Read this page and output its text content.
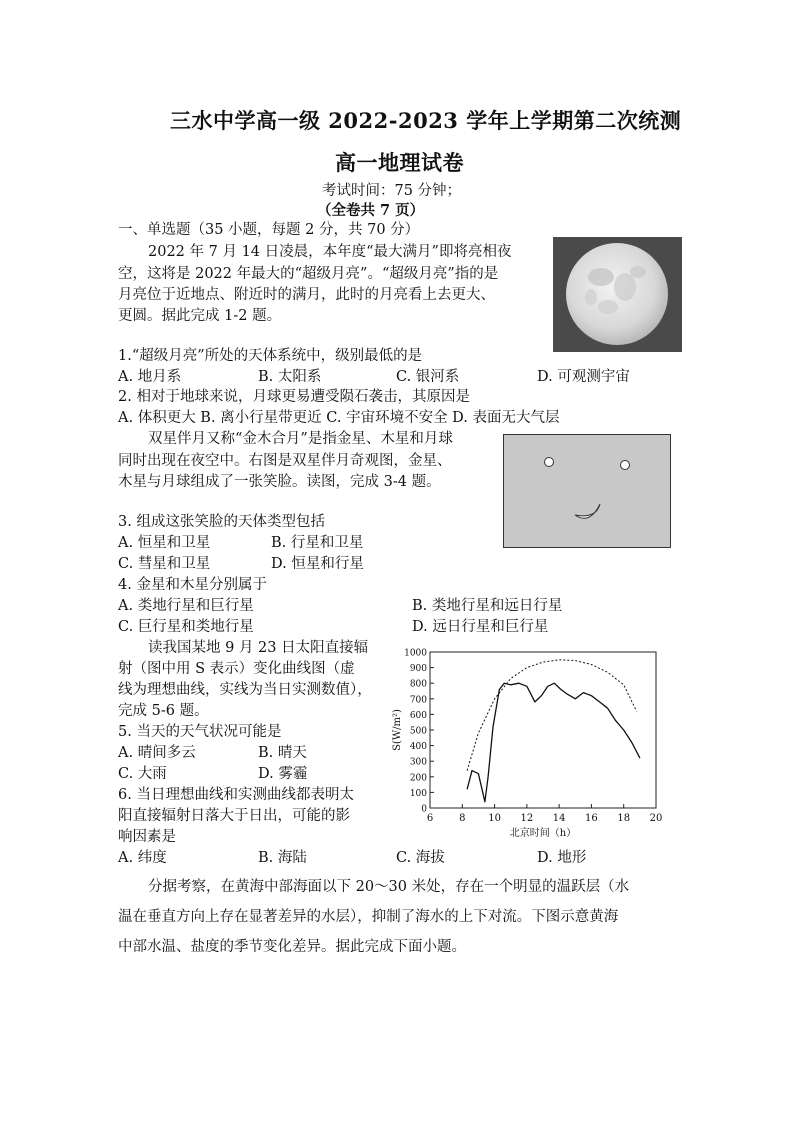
三水中学高一级 2022-2023 学年上学期第二次统测
高一地理试卷
考试时间：75 分钟；
（全卷共 7 页）
一、单选题（35 小题，每题 2 分，共 70 分）
2022 年 7 月 14 日凌晨，本年度“最大满月”即将亮相夜
空，这将是 2022 年最大的“超级月亮”。“超级月亮”指的是
月亮位于近地点、附近时的满月，此时的月亮看上去更大、
更圆。据此完成 1-2 题。
1.“超级月亮”所处的天体系统中，级别最低的是
A. 地月系	B. 太阳系	C. 银河系	D. 可观测宇宙
2. 相对于地球来说，月球更易遭受陨石袭击，其原因是
A. 体积更大 B. 离小行星带更近 C. 宇宙环境不安全 D. 表面无大气层
双星伴月又称“金木合月”是指金星、木星和月球
同时出现在夜空中。右图是双星伴月奇观图，金星、
木星与月球组成了一张笑脸。读图，完成 3-4 题。
3. 组成这张笑脸的天体类型包括
A. 恒星和卫星	B. 行星和卫星
C. 彗星和卫星	D. 恒星和行星
4. 金星和木星分别属于
A. 类地行星和巨行星	B. 类地行星和远日行星
C. 巨行星和类地行星	D. 远日行星和巨行星
读我国某地 9 月 23 日太阳直接辐
射（图中用 S 表示）变化曲线图（虚
线为理想曲线，实线为当日实测数值），
完成 5-6 题。
5. 当天的天气状况可能是
A. 晴间多云	B. 晴天
C. 大雨	D. 雾霾
6. 当日理想曲线和实测曲线都表明太
阳直接辐射日落大于日出，可能的影
响因素是
A. 纬度	B. 海陆	C. 海拔	D. 地形
分据考察，在黄海中部海面以下 20～30 米处，存在一个明显的温跃层（水
温在垂直方向上存在显著差异的水层），抑制了海水的上下对流。下图示意黄海
中部水温、盐度的季节变化差异。据此完成下面小题。
6	8 10 12 14 16 18 20
0
100
200
300
400
500
600
700
800
900
1000
北京时间（h）
S(W/m²)
